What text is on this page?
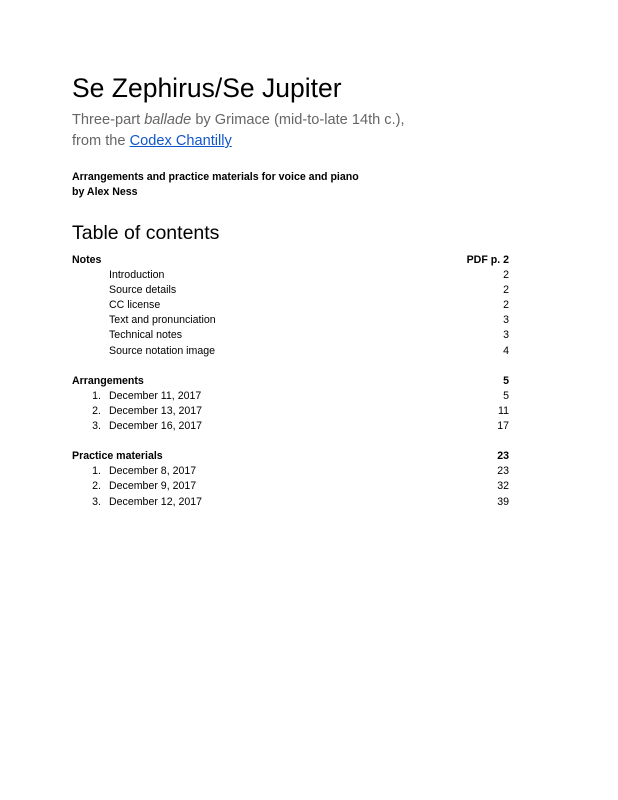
Se Zephirus/Se Jupiter
Three-part ballade by Grimace (mid-to-late 14th c.),
from the Codex Chantilly
Arrangements and practice materials for voice and piano
by Alex Ness
Table of contents
Notes	PDF p. 2
Introduction	2
Source details	2
CC license	2
Text and pronunciation	3
Technical notes	3
Source notation image	4
Arrangements	5
1. December 11, 2017	5
2. December 13, 2017	11
3. December 16, 2017	17
Practice materials	23
1. December 8, 2017	23
2. December 9, 2017	32
3. December 12, 2017	39
